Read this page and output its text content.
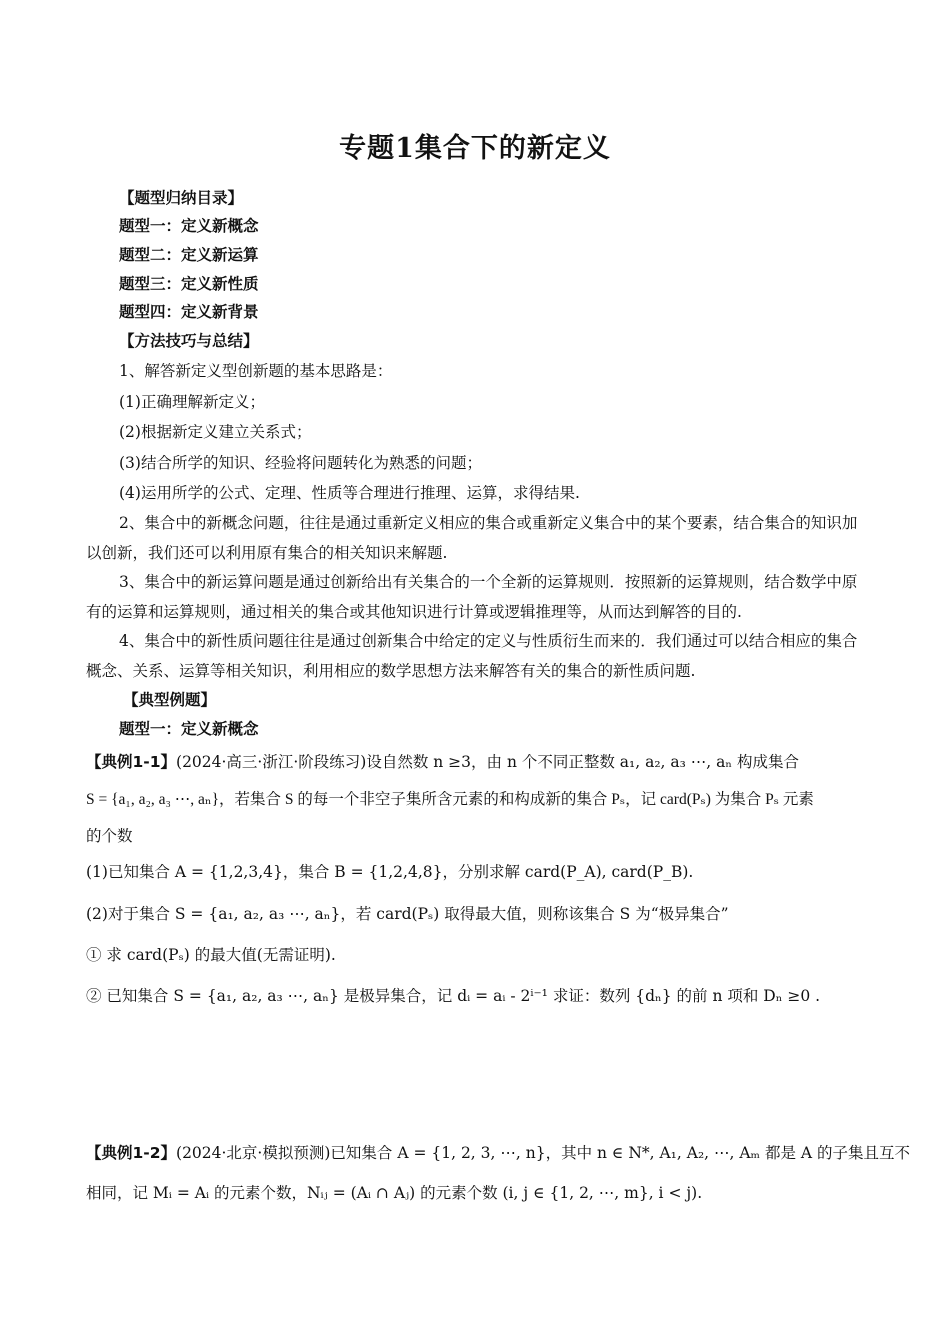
专题1集合下的新定义
【题型归纳目录】
题型一：定义新概念
题型二：定义新运算
题型三：定义新性质
题型四：定义新背景
【方法技巧与总结】
1、解答新定义型创新题的基本思路是：
(1)正确理解新定义；
(2)根据新定义建立关系式；
(3)结合所学的知识、经验将问题转化为熟悉的问题；
(4)运用所学的公式、定理、性质等合理进行推理、运算，求得结果.
2、集合中的新概念问题，往往是通过重新定义相应的集合或重新定义集合中的某个要素，结合集合的知识加以创新，我们还可以利用原有集合的相关知识来解题.
3、集合中的新运算问题是通过创新给出有关集合的一个全新的运算规则．按照新的运算规则，结合数学中原有的运算和运算规则，通过相关的集合或其他知识进行计算或逻辑推理等，从而达到解答的目的.
4、集合中的新性质问题往往是通过创新集合中给定的定义与性质衍生而来的．我们通过可以结合相应的集合概念、关系、运算等相关知识，利用相应的数学思想方法来解答有关的集合的新性质问题.
【典型例题】
题型一：定义新概念
【典例1-1】(2024·高三·浙江·阶段练习)设自然数 n ≥3，由 n 个不同正整数 a₁, a₂, a₃ ⋯, aₙ 构成集合
S = {a₁, a₂, a₃ ⋯, aₙ}，若集合 S 的每一个非空子集所含元素的和构成新的集合 Pₛ，记 card(Pₛ) 为集合 Pₛ 元素
的个数
(1)已知集合 A = {1,2,3,4}，集合 B = {1,2,4,8}，分别求解 card(P_A), card(P_B).
(2)对于集合 S = {a₁, a₂, a₃ ⋯, aₙ}，若 card(Pₛ) 取得最大值，则称该集合 S 为“极异集合”
① 求 card(Pₛ) 的最大值(无需证明).
② 已知集合 S = {a₁, a₂, a₃ ⋯, aₙ} 是极异集合，记 dᵢ = aᵢ - 2ⁱ⁻¹ 求证：数列 {dₙ} 的前 n 项和 Dₙ ≥0 .
【典例1-2】(2024·北京·模拟预测)已知集合 A = {1, 2, 3, ⋯, n}，其中 n ∈ N*, A₁, A₂, ⋯, Aₘ 都是 A 的子集且互不
相同，记 Mᵢ = Aᵢ 的元素个数，Nᵢⱼ = (Aᵢ ∩ Aⱼ) 的元素个数 (i, j ∈ {1, 2, ⋯, m}, i < j).
